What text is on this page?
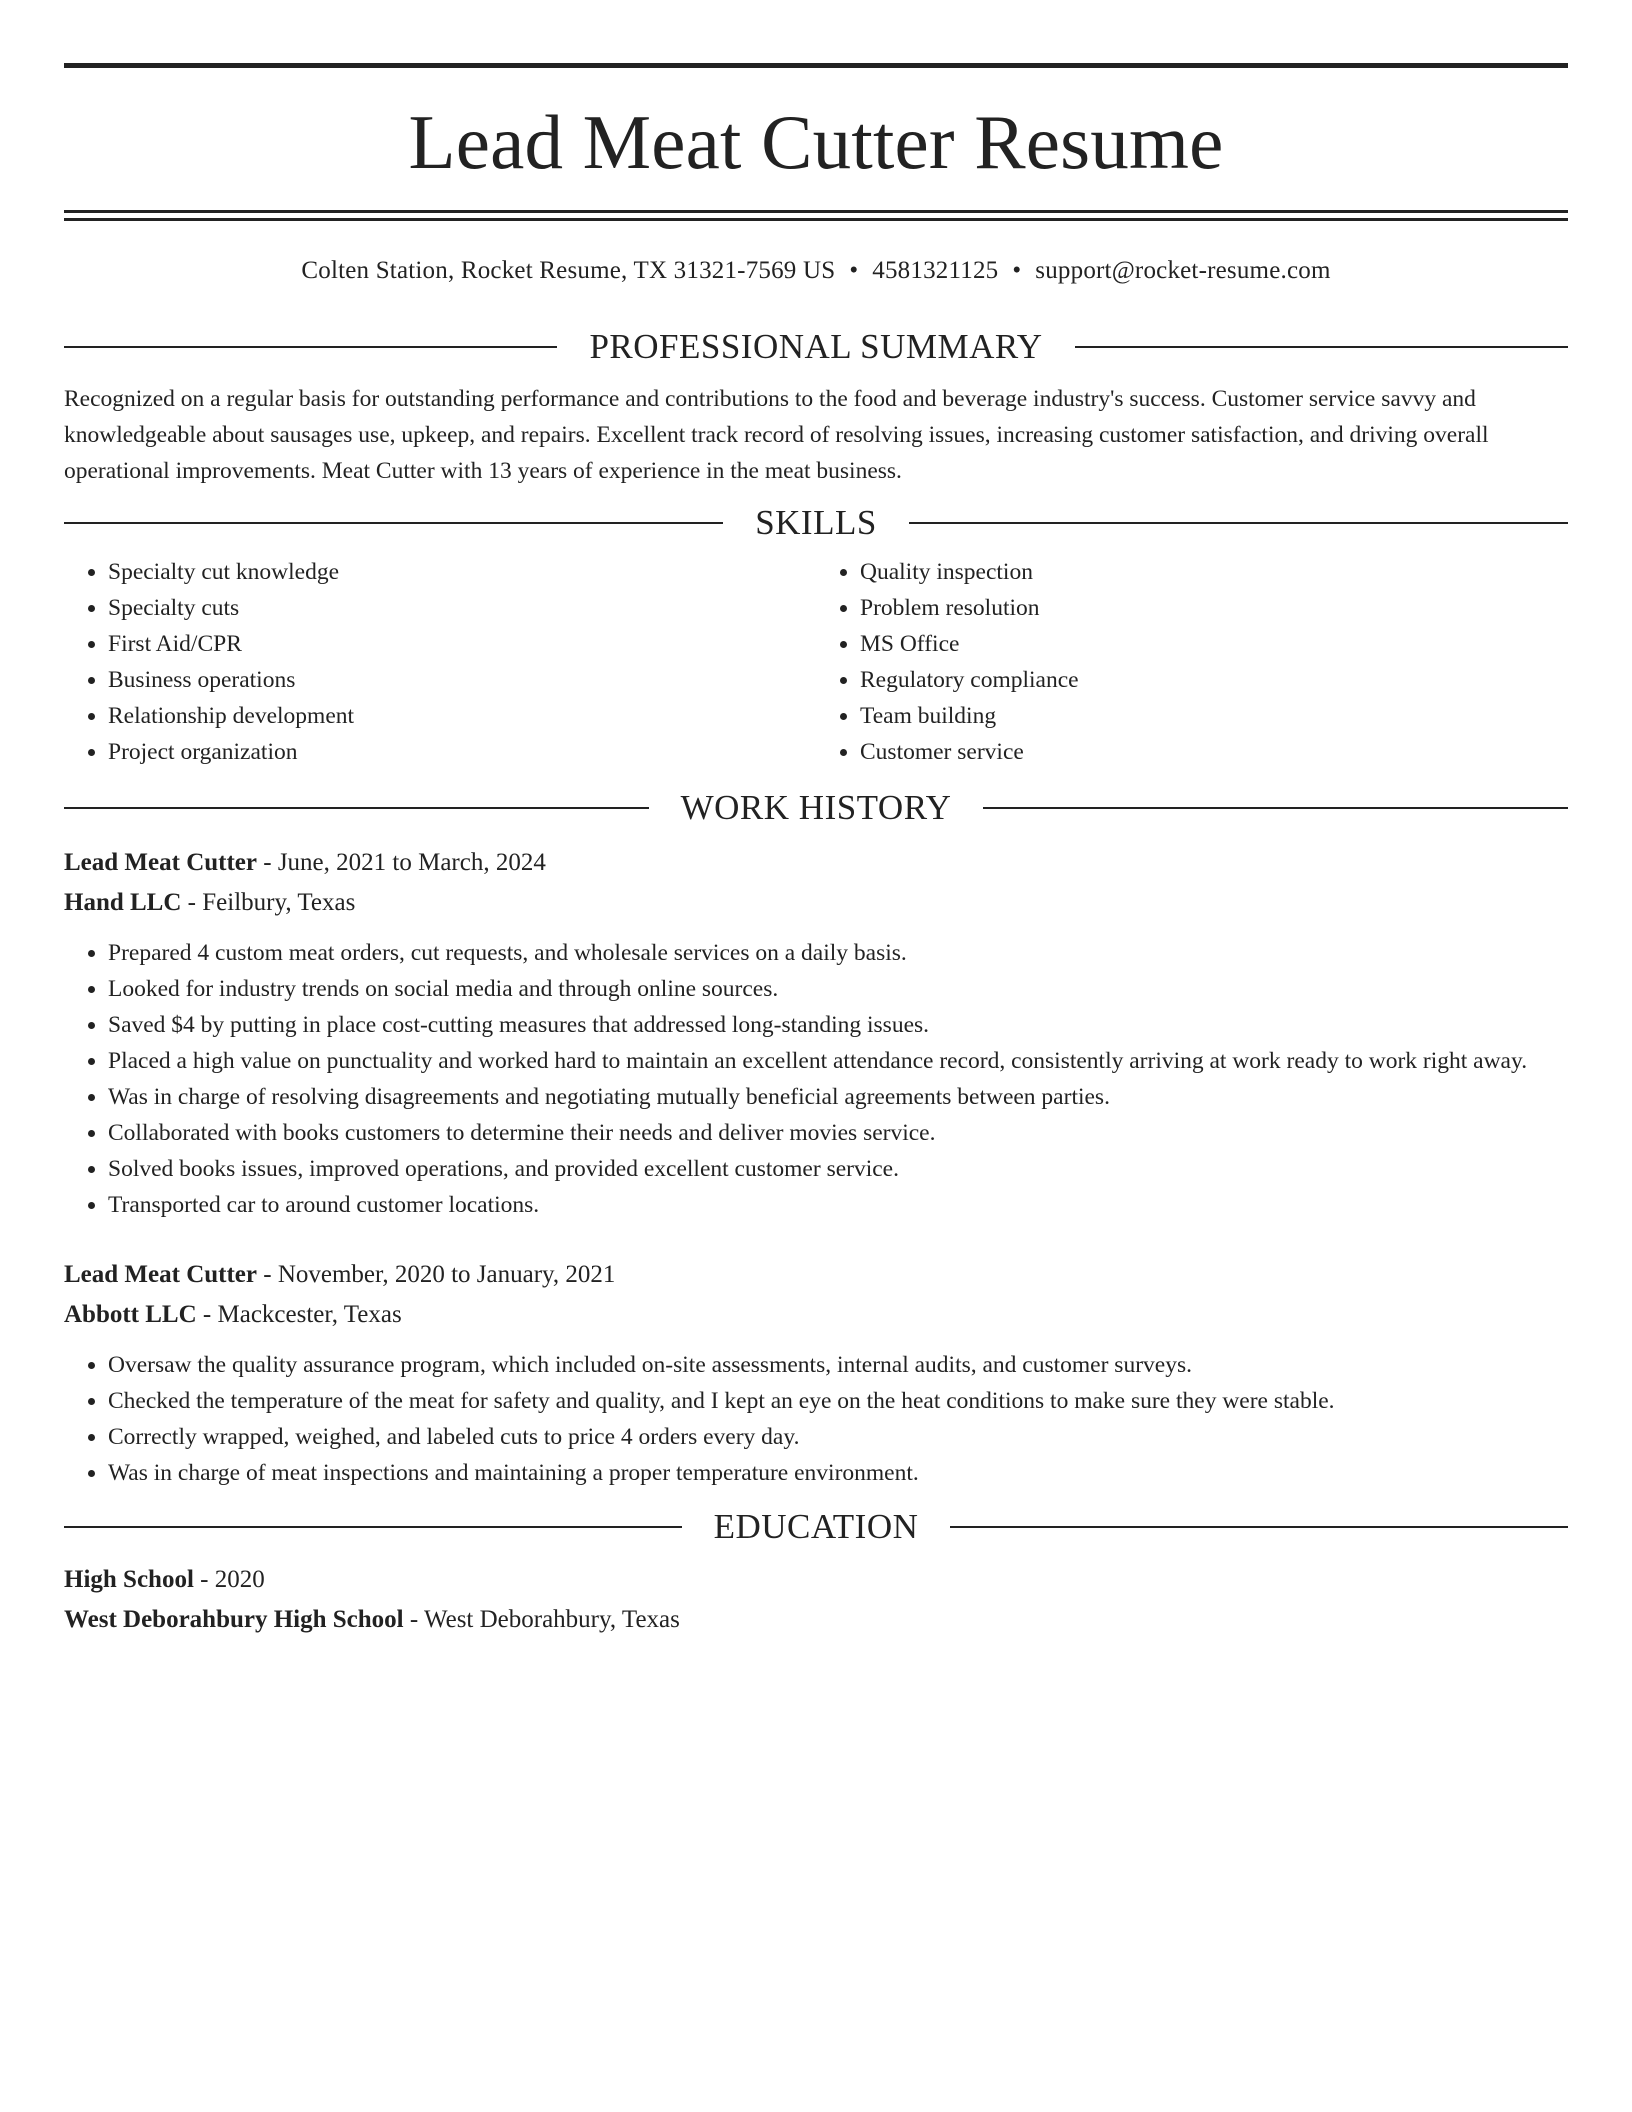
Lead Meat Cutter Resume
Colten Station, Rocket Resume, TX 31321-7569 US • 4581321125 • support@rocket-resume.com
PROFESSIONAL SUMMARY

Recognized on a regular basis for outstanding performance and contributions to the food and beverage industry's success. Customer service savvy and knowledgeable about sausages use, upkeep, and repairs. Excellent track record of resolving issues, increasing customer satisfaction, and driving overall operational improvements. Meat Cutter with 13 years of experience in the meat business.

SKILLS
• Specialty cut knowledge
• Specialty cuts
• First Aid/CPR
• Business operations
• Relationship development
• Project organization
• Quality inspection
• Problem resolution
• MS Office
• Regulatory compliance
• Team building
• Customer service
WORK HISTORY
Lead Meat Cutter - June, 2021 to March, 2024
Hand LLC - Feilbury, Texas
• Prepared 4 custom meat orders, cut requests, and wholesale services on a daily basis.
• Looked for industry trends on social media and through online sources.
• Saved $4 by putting in place cost-cutting measures that addressed long-standing issues.
• Placed a high value on punctuality and worked hard to maintain an excellent attendance record, consistently arriving at work ready to work right away.
• Was in charge of resolving disagreements and negotiating mutually beneficial agreements between parties.
• Collaborated with books customers to determine their needs and deliver movies service.
• Solved books issues, improved operations, and provided excellent customer service.
• Transported car to around customer locations.
Lead Meat Cutter - November, 2020 to January, 2021
Abbott LLC - Mackcester, Texas
• Oversaw the quality assurance program, which included on-site assessments, internal audits, and customer surveys.
• Checked the temperature of the meat for safety and quality, and I kept an eye on the heat conditions to make sure they were stable.
• Correctly wrapped, weighed, and labeled cuts to price 4 orders every day.
• Was in charge of meat inspections and maintaining a proper temperature environment.
EDUCATION
High School - 2020
West Deborahbury High School - West Deborahbury, Texas
